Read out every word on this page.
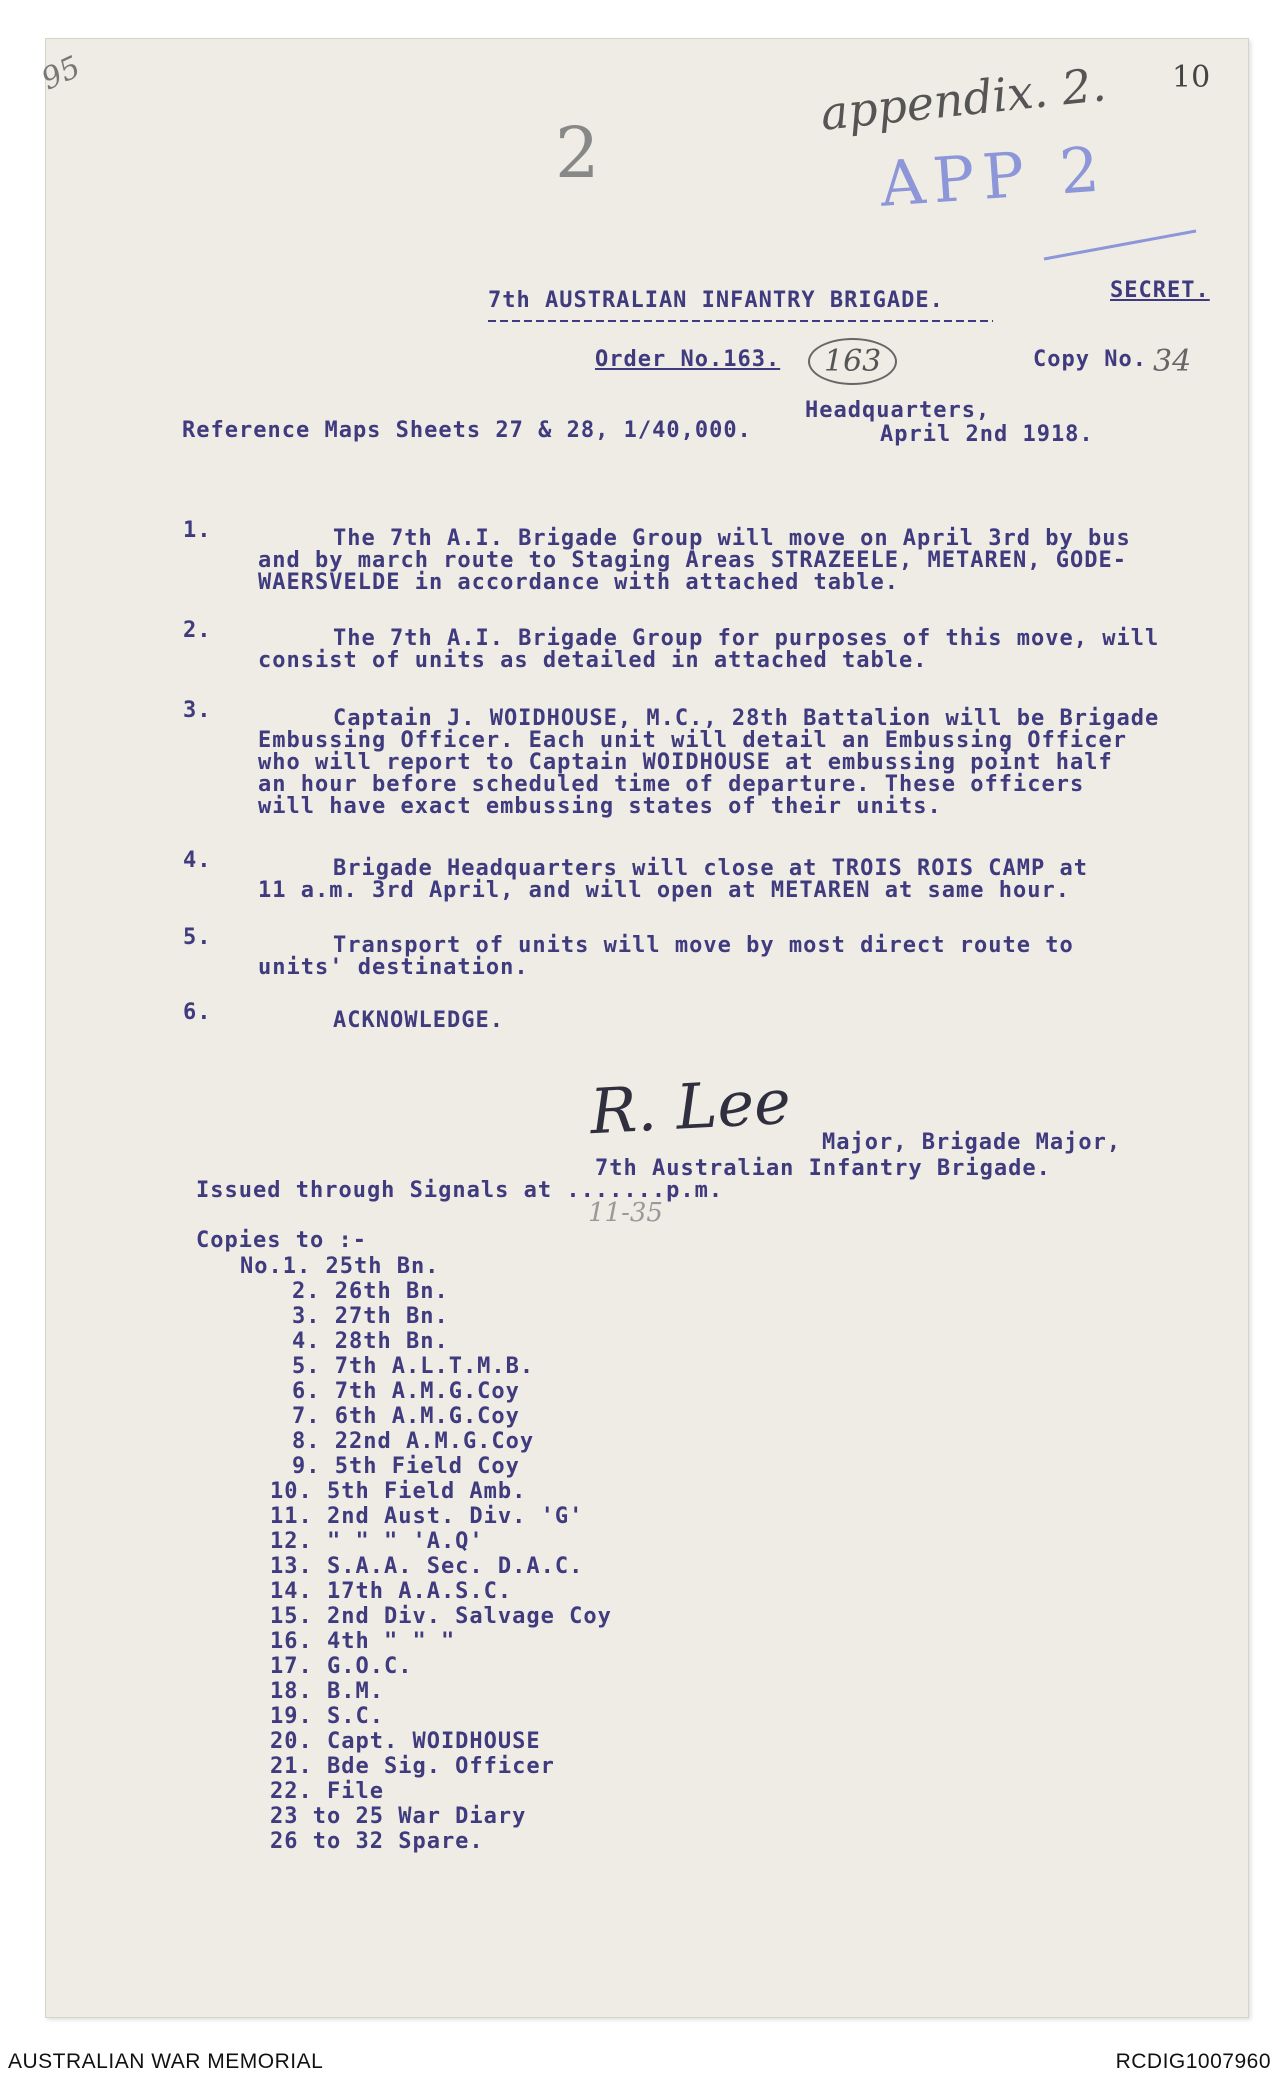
95	10
appendix. 2.
APP 2
2
7th AUSTRALIAN INFANTRY BRIGADE.	SECRET.
Order No.163.	163	Copy No. 34
Headquarters,
Reference Maps Sheets 27 & 28, 1/40,000.	April 2nd 1918.
1.	The 7th A.I. Brigade Group will move on April 3rd by bus
and by march route to Staging Areas STRAZEELE, METAREN, GODE-
WAERSVELDE in accordance with attached table.
2.	The 7th A.I. Brigade Group for purposes of this move, will
consist of units as detailed in attached table.
3.	Captain J. WOIDHOUSE, M.C., 28th Battalion will be Brigade
Embussing Officer. Each unit will detail an Embussing Officer
who will report to Captain WOIDHOUSE at embussing point half
an hour before scheduled time of departure. These officers
will have exact embussing states of their units.
4.	Brigade Headquarters will close at TROIS ROIS CAMP at
11 a.m. 3rd April, and will open at METAREN at same hour.
5.	Transport of units will move by most direct route to
units' destination.
6.	ACKNOWLEDGE.
R. Lee Major, Brigade Major,
7th Australian Infantry Brigade.
Issued through Signals at .......p.m.
11-35
Copies to :-
No.1. 25th Bn.
2. 26th Bn.
3. 27th Bn.
4. 28th Bn.
5. 7th A.L.T.M.B.
6. 7th A.M.G.Coy
7. 6th A.M.G.Coy
8. 22nd A.M.G.Coy
9. 5th Field Coy
10. 5th Field Amb.
11. 2nd Aust. Div. 'G'
12. " " " 'A.Q'
13. S.A.A. Sec. D.A.C.
14. 17th A.A.S.C.
15. 2nd Div. Salvage Coy
16. 4th " " "
17. G.O.C.
18. B.M.
19. S.C.
20. Capt. WOIDHOUSE
21. Bde Sig. Officer
22. File
23 to 25 War Diary
26 to 32 Spare.
AUSTRALIAN WAR MEMORIAL	RCDIG1007960
